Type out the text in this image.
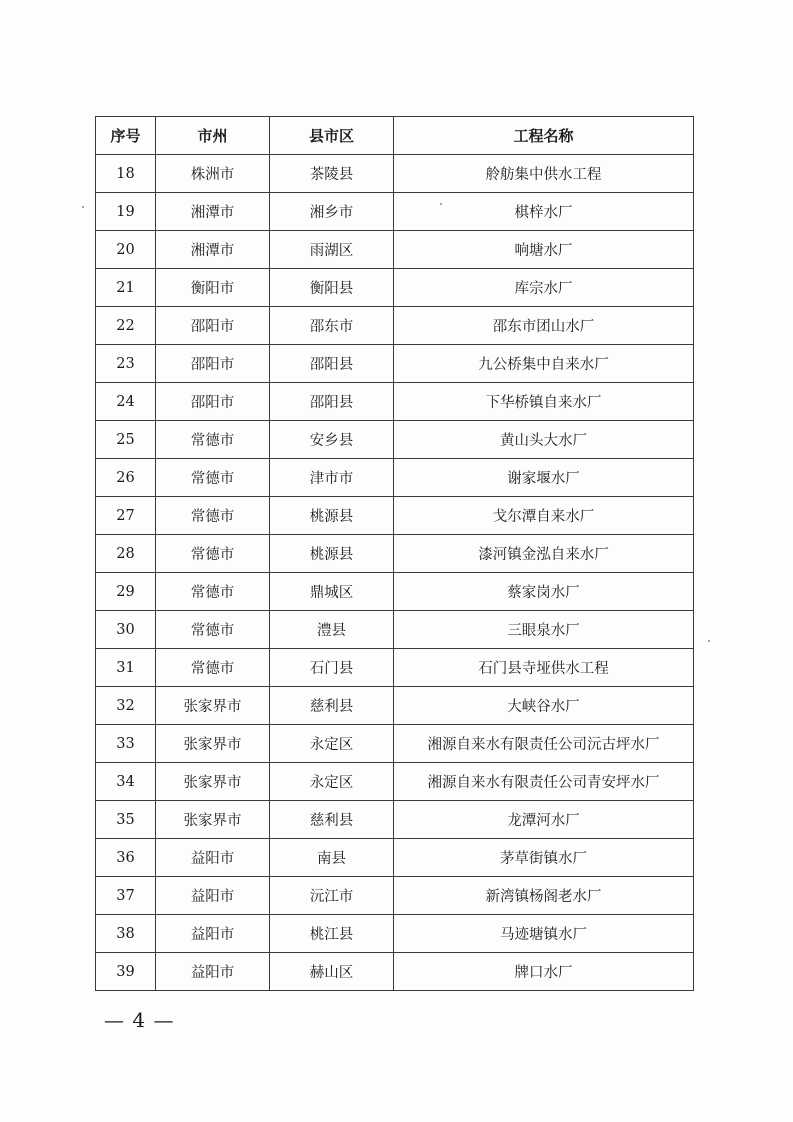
序号	市州	县市区	工程名称
18	株洲市	茶陵县	舲舫集中供水工程
19	湘潭市	湘乡市	棋梓水厂
20	湘潭市	雨湖区	响塘水厂
21	衡阳市	衡阳县	库宗水厂
22	邵阳市	邵东市	邵东市团山水厂
23	邵阳市	邵阳县	九公桥集中自来水厂
24	邵阳市	邵阳县	下华桥镇自来水厂
25	常德市	安乡县	黄山头大水厂
26	常德市	津市市	谢家堰水厂
27	常德市	桃源县	戈尔潭自来水厂
28	常德市	桃源县	漆河镇金泓自来水厂
29	常德市	鼎城区	蔡家岗水厂
30	常德市	澧县	三眼泉水厂
31	常德市	石门县	石门县寺垭供水工程
32	张家界市	慈利县	大峡谷水厂
33	张家界市	永定区	湘源自来水有限责任公司沅古坪水厂
34	张家界市	永定区	湘源自来水有限责任公司青安坪水厂
35	张家界市	慈利县	龙潭河水厂
36	益阳市	南县	茅草街镇水厂
37	益阳市	沅江市	新湾镇杨阁老水厂
38	益阳市	桃江县	马迹塘镇水厂
39	益阳市	赫山区	牌口水厂
— 4 —
